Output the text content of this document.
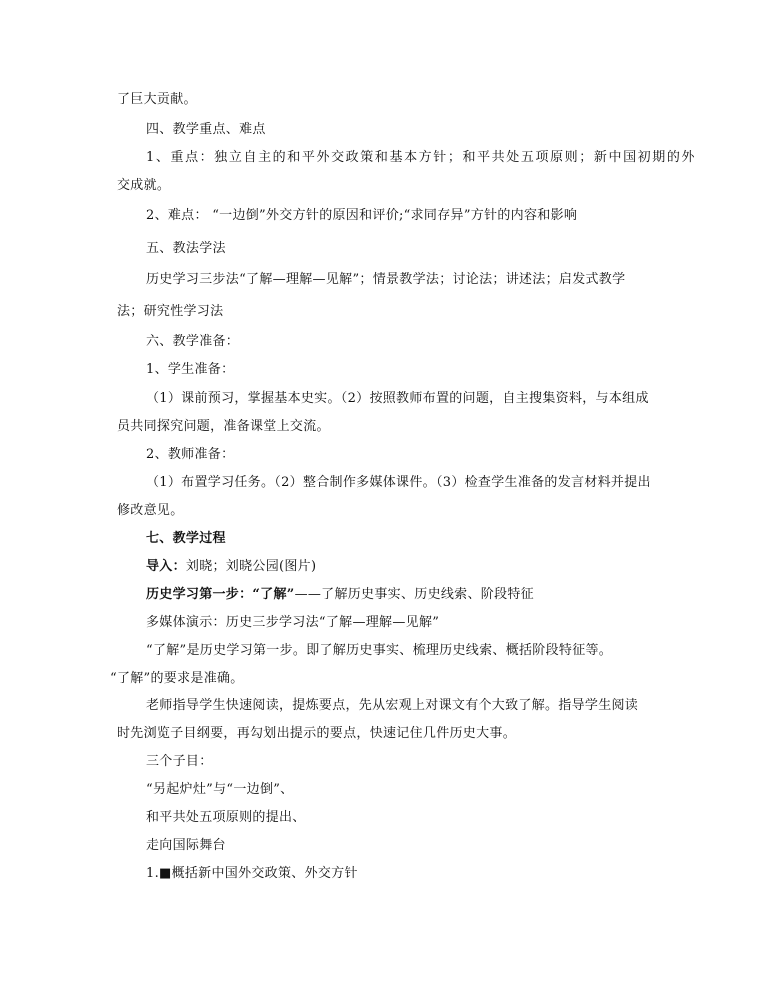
了巨大贡献。
四、教学重点、难点
1、重点：独立自主的和平外交政策和基本方针；和平共处五项原则；新中国初期的外
交成就。
2、难点： “一边倒”外交方针的原因和评价;“求同存异”方针的内容和影响
五、教法学法
历史学习三步法“了解—理解—见解”；情景教学法；讨论法；讲述法；启发式教学
法；研究性学习法
六、教学准备：
1、学生准备：
（1）课前预习，掌握基本史实。（2）按照教师布置的问题，自主搜集资料，与本组成
员共同探究问题，准备课堂上交流。
2、教师准备：
（1）布置学习任务。（2）整合制作多媒体课件。（3）检查学生准备的发言材料并提出
修改意见。
七、教学过程
导入：刘晓；刘晓公园(图片)
历史学习第一步：“了解”——了解历史事实、历史线索、阶段特征
多媒体演示：历史三步学习法“了解—理解—见解”
“了解”是历史学习第一步。即了解历史事实、梳理历史线索、概括阶段特征等。
“了解”的要求是准确。
老师指导学生快速阅读，提炼要点，先从宏观上对课文有个大致了解。指导学生阅读
时先浏览子目纲要，再勾划出提示的要点，快速记住几件历史大事。
三个子目：
“另起炉灶”与“一边倒”、
和平共处五项原则的提出、
走向国际舞台
1.■概括新中国外交政策、外交方针
